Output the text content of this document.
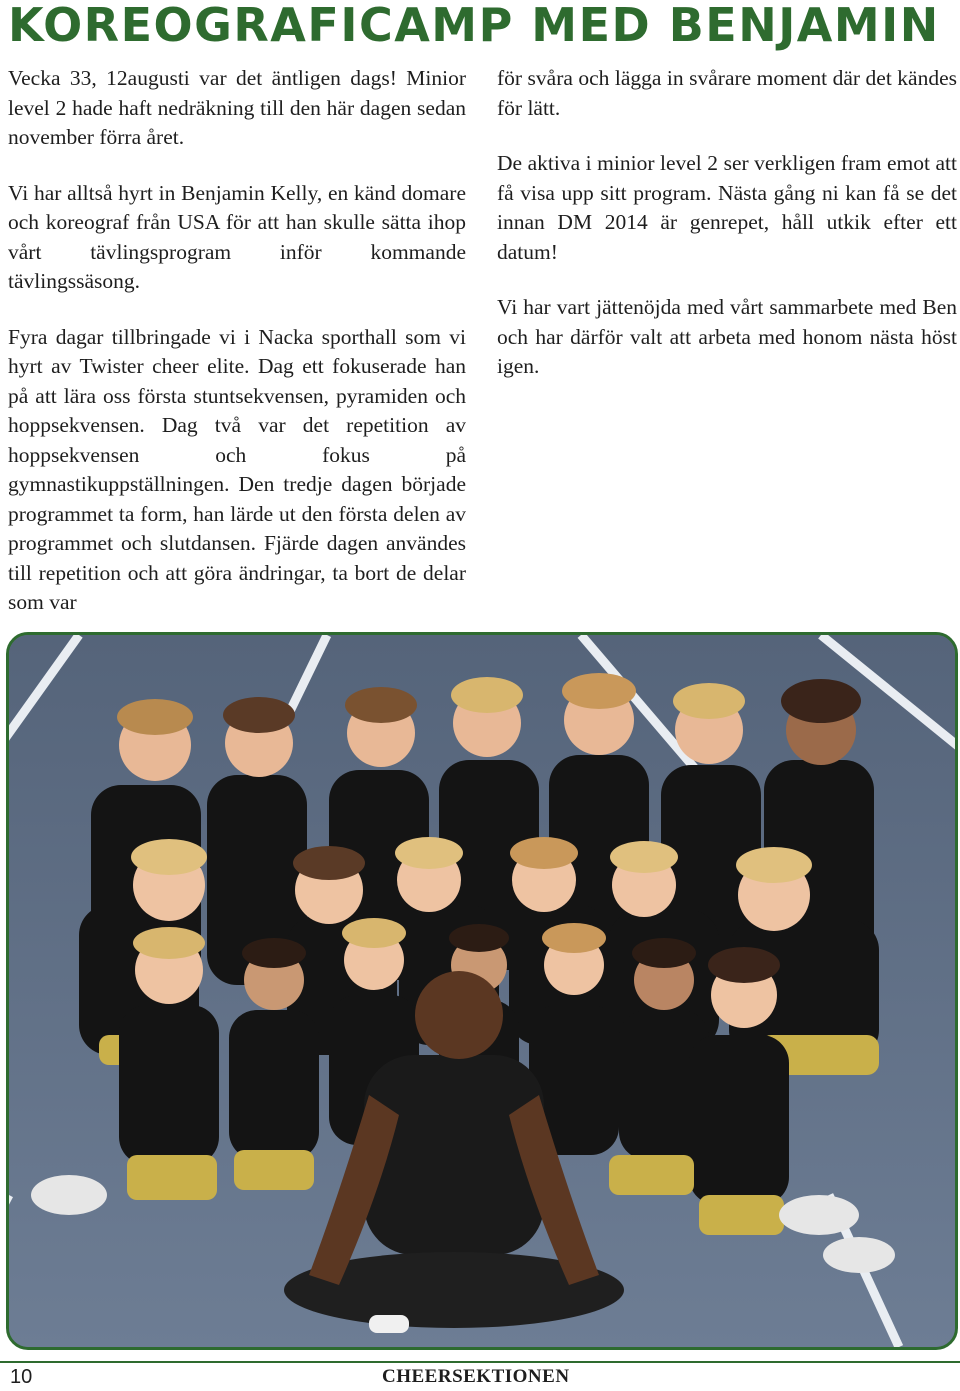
KOREOGRAFICAMP MED BENJAMIN

Vecka 33, 12augusti var det äntligen dags! Minior level 2 hade haft nedräkning till den här dagen sedan november förra året.

Vi har alltså hyrt in Benjamin Kelly, en känd domare och koreograf från USA för att han skulle sätta ihop vårt tävlingsprogram inför kommande tävlingssäsong.

Fyra dagar tillbringade vi i Nacka sporthall som vi hyrt av Twister cheer elite. Dag ett fokuserade han på att lära oss första stuntsekvensen, pyramiden och hoppsekvensen. Dag två var det repetition av hoppsekvensen och fokus på gymnastikuppställningen. Den tredje dagen började programmet ta form, han lärde ut den första delen av programmet och slutdansen. Fjärde dagen användes till repetition och att göra ändringar, ta bort de delar som var

för svåra och lägga in svårare moment där det kändes för lätt.

De aktiva i minior level 2 ser verkligen fram emot att få visa upp sitt program. Nästa gång ni kan få se det innan DM 2014 är genrepet, håll utkik efter ett datum!

Vi har vart jättenöjda med vårt sammarbete med Ben och har därför valt att arbeta med honom nästa höst igen.

10	CHEERSEKTIONEN
